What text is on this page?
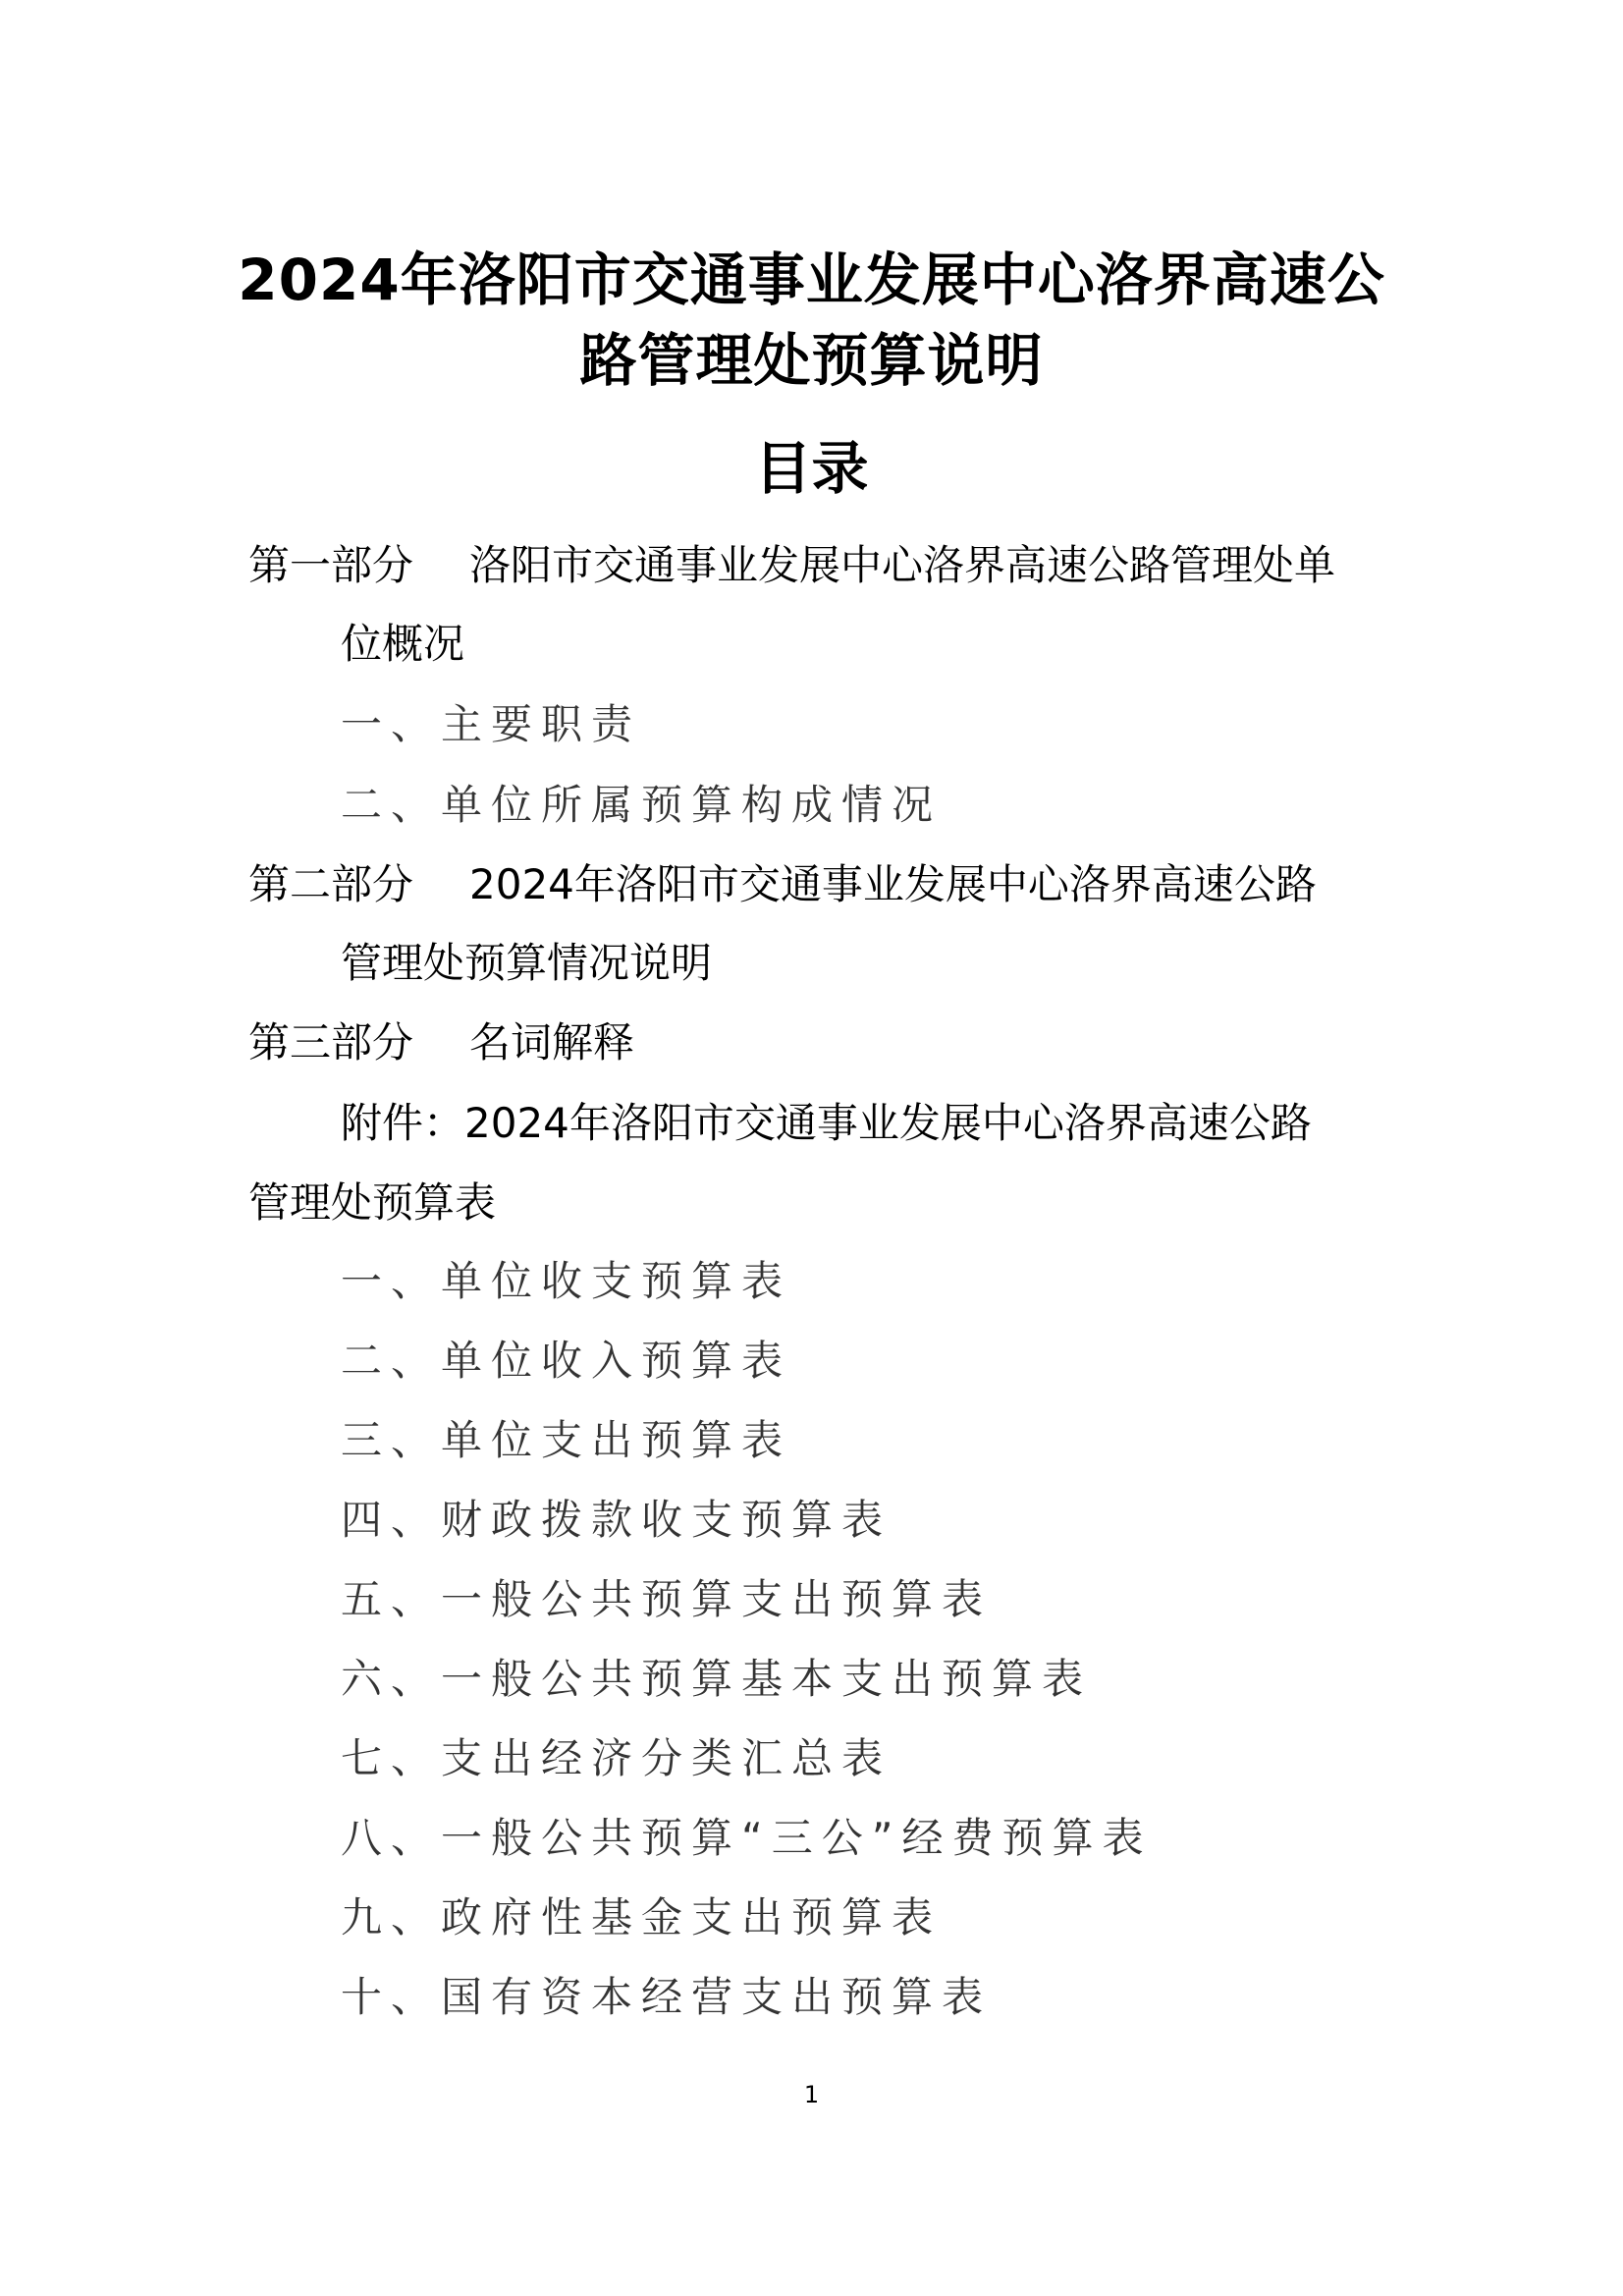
2024年洛阳市交通事业发展中心洛界高速公
路管理处预算说明
目录
第一部分 洛阳市交通事业发展中心洛界高速公路管理处单
位概况
一、主要职责
二、单位所属预算构成情况
第二部分 2024年洛阳市交通事业发展中心洛界高速公路
管理处预算情况说明
第三部分 名词解释
附件：2024年洛阳市交通事业发展中心洛界高速公路
管理处预算表
一、单位收支预算表
二、单位收入预算表
三、单位支出预算表
四、财政拨款收支预算表
五、一般公共预算支出预算表
六、一般公共预算基本支出预算表
七、支出经济分类汇总表
八、一般公共预算“三公”经费预算表
九、政府性基金支出预算表
十、国有资本经营支出预算表
1
